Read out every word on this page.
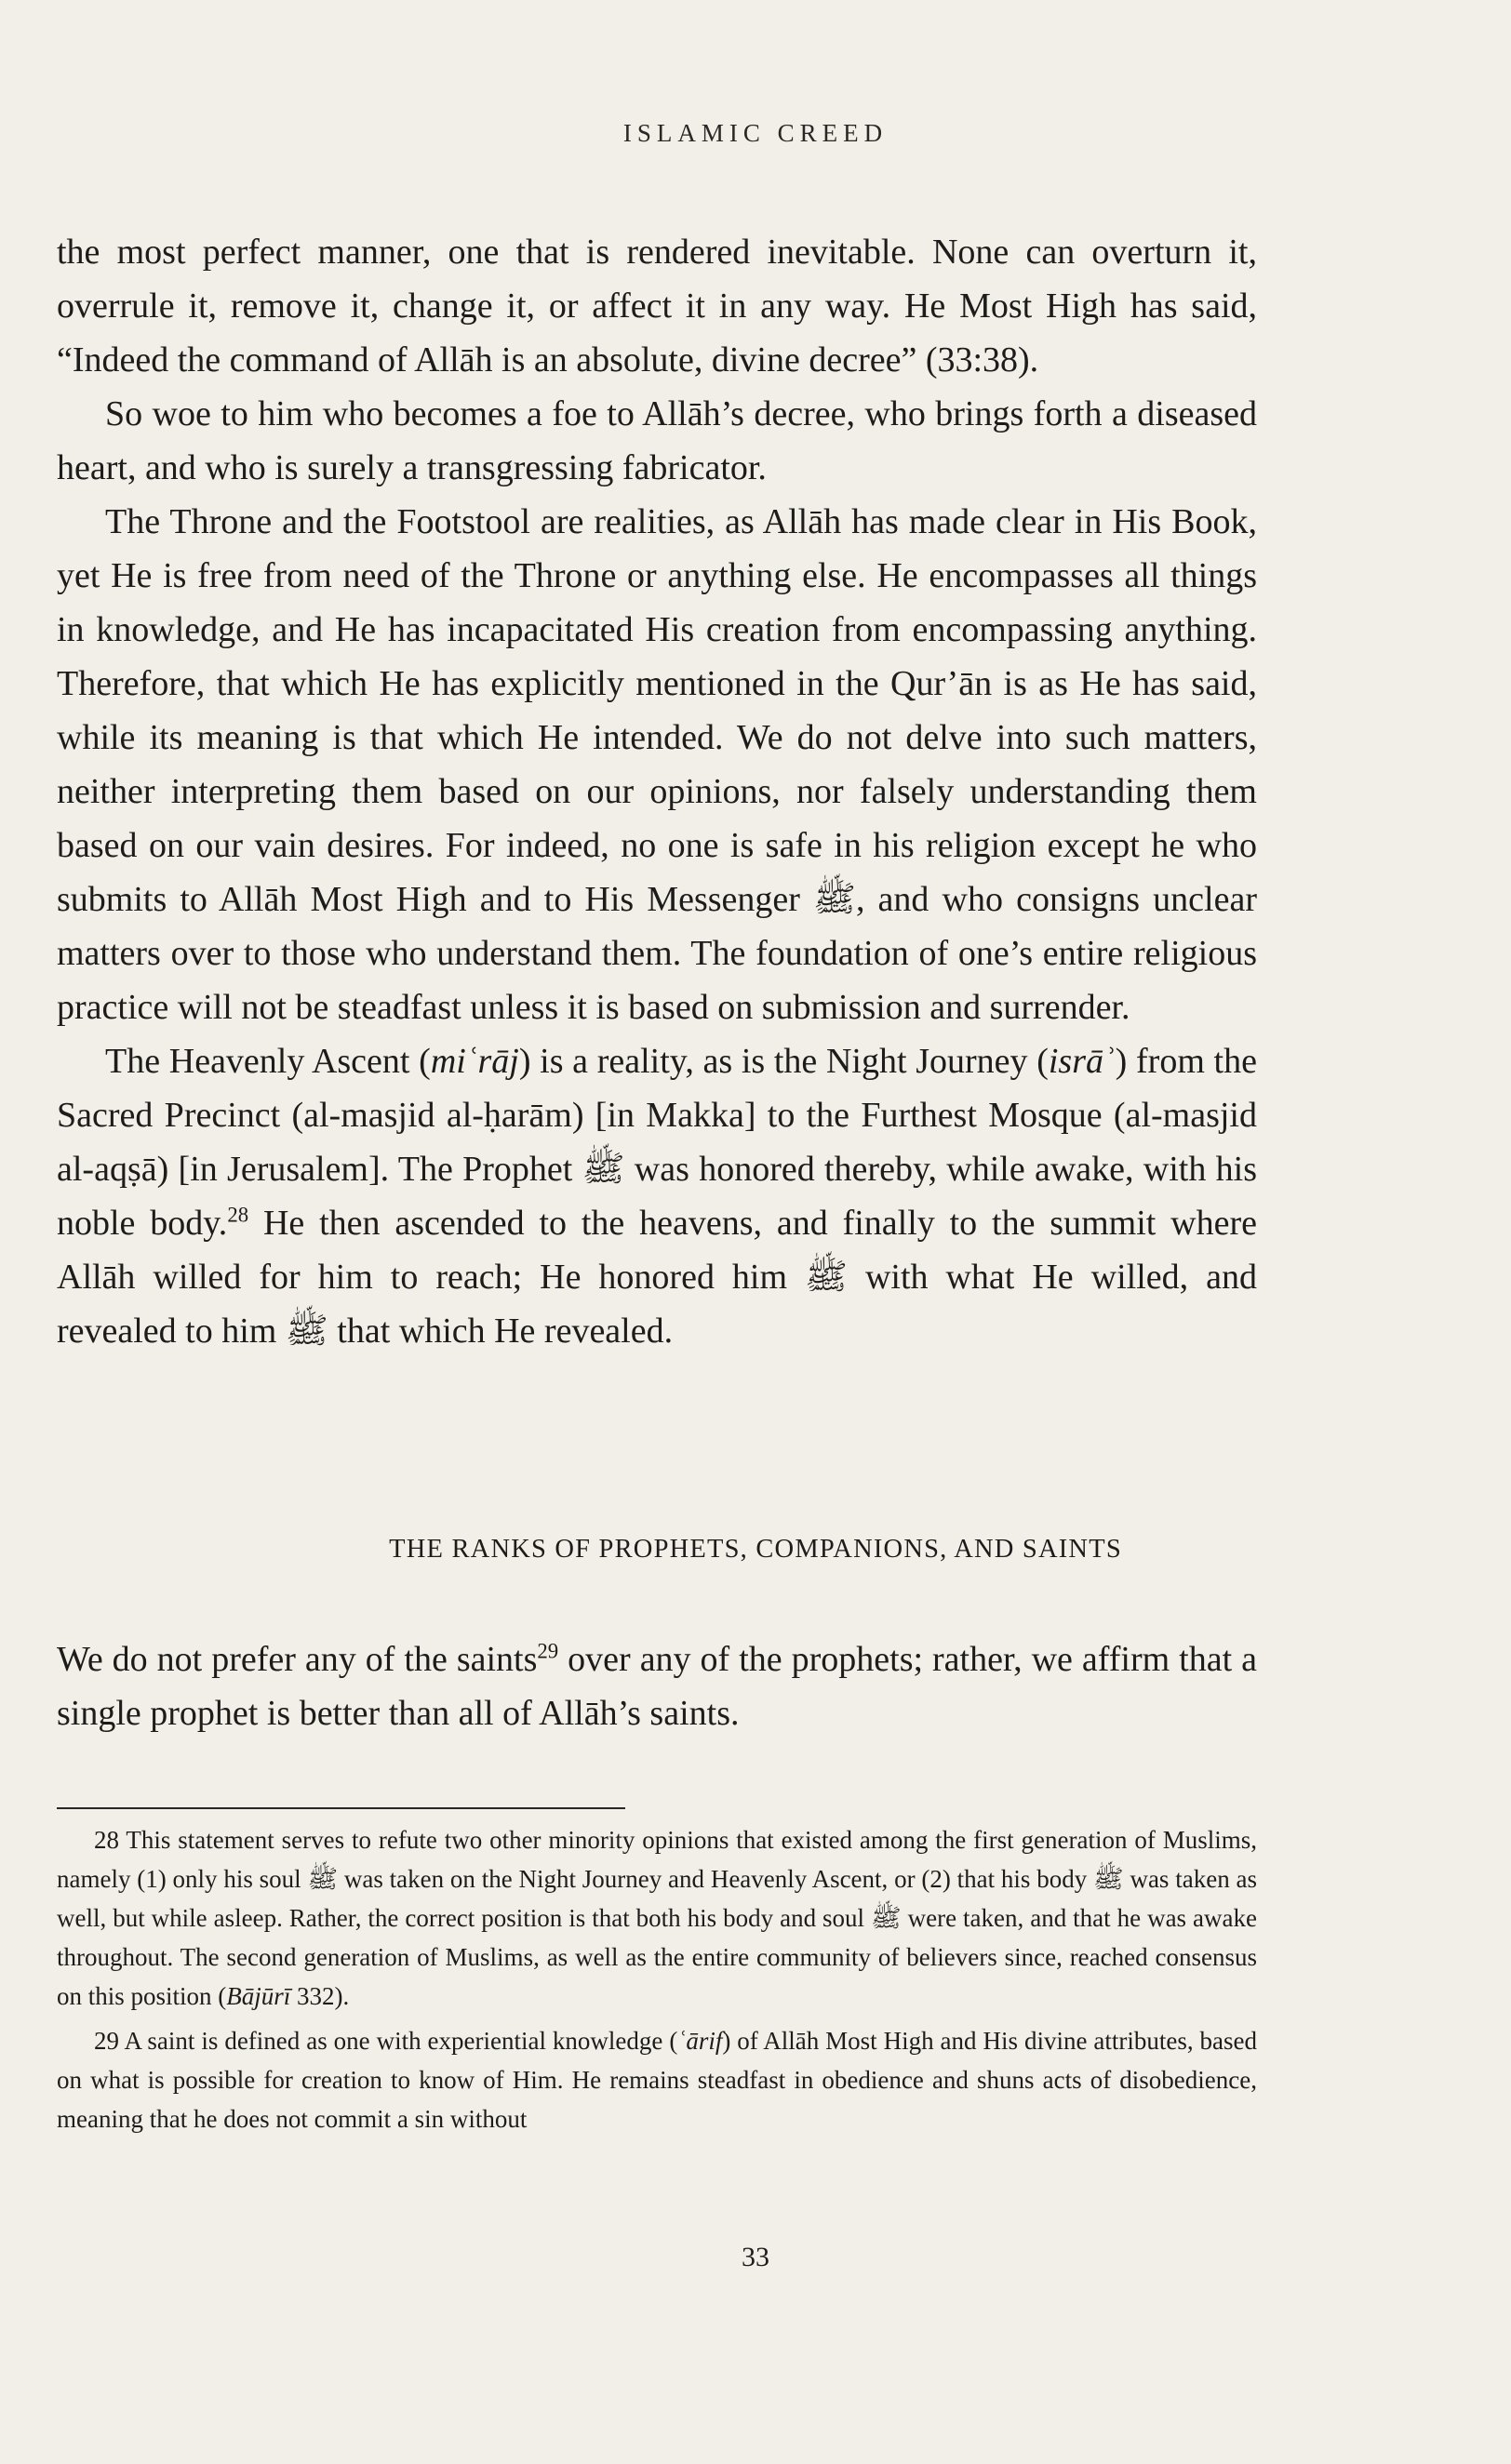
ISLAMIC CREED

the most perfect manner, one that is rendered inevitable. None can overturn it, overrule it, remove it, change it, or affect it in any way. He Most High has said, “Indeed the command of Allāh is an absolute, divine decree” (33:38).

So woe to him who becomes a foe to Allāh’s decree, who brings forth a diseased heart, and who is surely a transgressing fabricator.

The Throne and the Footstool are realities, as Allāh has made clear in His Book, yet He is free from need of the Throne or anything else. He encompasses all things in knowledge, and He has incapacitated His creation from encompassing anything. Therefore, that which He has explicitly mentioned in the Qur’ān is as He has said, while its meaning is that which He intended. We do not delve into such matters, neither interpreting them based on our opinions, nor falsely understanding them based on our vain desires. For indeed, no one is safe in his religion except he who submits to Allāh Most High and to His Messenger ﷺ, and who consigns unclear matters over to those who understand them. The foundation of one’s entire religious practice will not be steadfast unless it is based on submission and surrender.

The Heavenly Ascent (miʿrāj) is a reality, as is the Night Journey (isrāʾ) from the Sacred Precinct (al-masjid al-ḥarām) [in Makka] to the Furthest Mosque (al-masjid al-aqṣā) [in Jerusalem]. The Prophet ﷺ was honored thereby, while awake, with his noble body.$^{28}$ He then ascended to the heavens, and finally to the summit where Allāh willed for him to reach; He honored him ﷺ with what He willed, and revealed to him ﷺ that which He revealed.

THE RANKS OF PROPHETS, COMPANIONS, AND SAINTS

We do not prefer any of the saints$^{29}$ over any of the prophets; rather, we affirm that a single prophet is better than all of Allāh’s saints.

28 This statement serves to refute two other minority opinions that existed among the first generation of Muslims, namely (1) only his soul ﷺ was taken on the Night Journey and Heavenly Ascent, or (2) that his body ﷺ was taken as well, but while asleep. Rather, the correct position is that both his body and soul ﷺ were taken, and that he was awake throughout. The second generation of Muslims, as well as the entire community of believers since, reached consensus on this position (Bājūrī 332).

29 A saint is defined as one with experiential knowledge (ʿārif) of Allāh Most High and His divine attributes, based on what is possible for creation to know of Him. He remains steadfast in obedience and shuns acts of disobedience, meaning that he does not commit a sin without

33
